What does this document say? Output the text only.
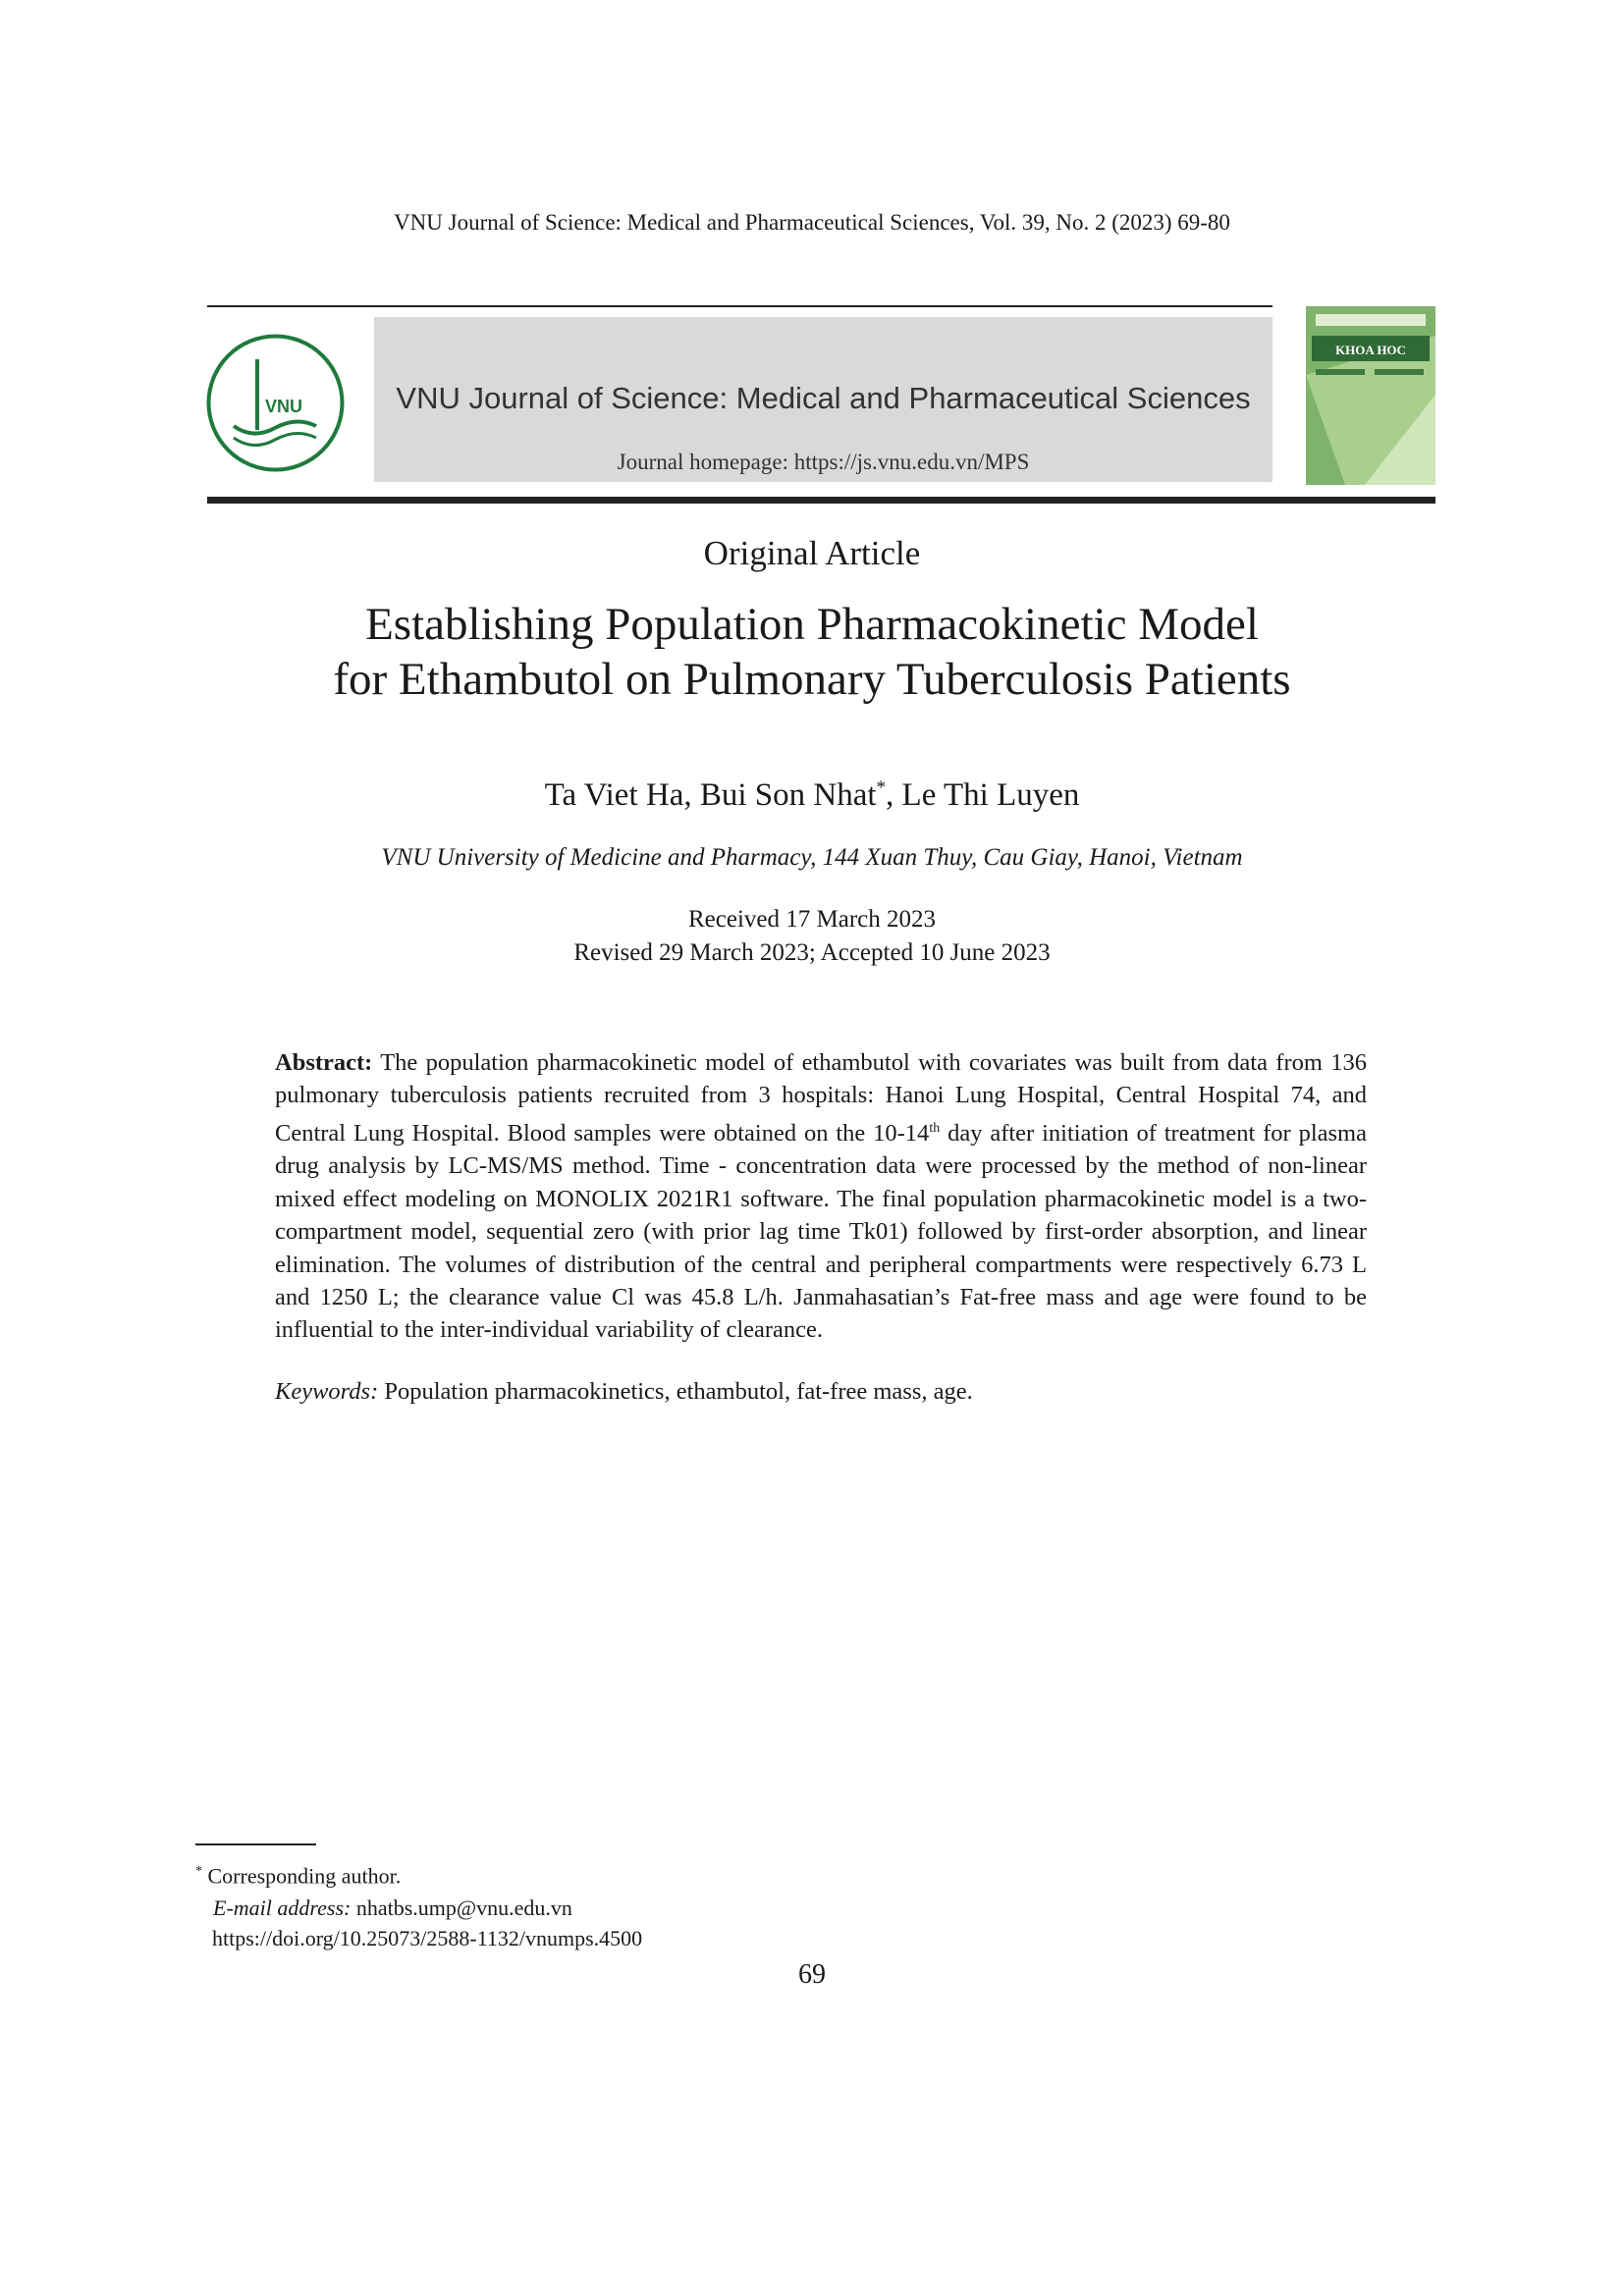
VNU Journal of Science: Medical and Pharmaceutical Sciences, Vol. 39, No. 2 (2023) 69-80
VNU	VNU Journal of Science: Medical and Pharmaceutical Sciences
Journal homepage: https://js.vnu.edu.vn/MPS
KHOA HOC
Original Article
Establishing Population Pharmacokinetic Model
for Ethambutol on Pulmonary Tuberculosis Patients
Ta Viet Ha, Bui Son Nhat*, Le Thi Luyen
VNU University of Medicine and Pharmacy, 144 Xuan Thuy, Cau Giay, Hanoi, Vietnam
Received 17 March 2023
Revised 29 March 2023; Accepted 10 June 2023
Abstract: The population pharmacokinetic model of ethambutol with covariates was built from data from 136 pulmonary tuberculosis patients recruited from 3 hospitals: Hanoi Lung Hospital, Central Hospital 74, and Central Lung Hospital. Blood samples were obtained on the 10-14th day after initiation of treatment for plasma drug analysis by LC-MS/MS method. Time - concentration data were processed by the method of non-linear mixed effect modeling on MONOLIX 2021R1 software. The final population pharmacokinetic model is a two-compartment model, sequential zero (with prior lag time Tk01) followed by first-order absorption, and linear elimination. The volumes of distribution of the central and peripheral compartments were respectively 6.73 L and 1250 L; the clearance value Cl was 45.8 L/h. Janmahasatian’s Fat-free mass and age were found to be influential to the inter-individual variability of clearance.
Keywords: Population pharmacokinetics, ethambutol, fat-free mass, age.
* Corresponding author.
E-mail address: nhatbs.ump@vnu.edu.vn
https://doi.org/10.25073/2588-1132/vnumps.4500
69
